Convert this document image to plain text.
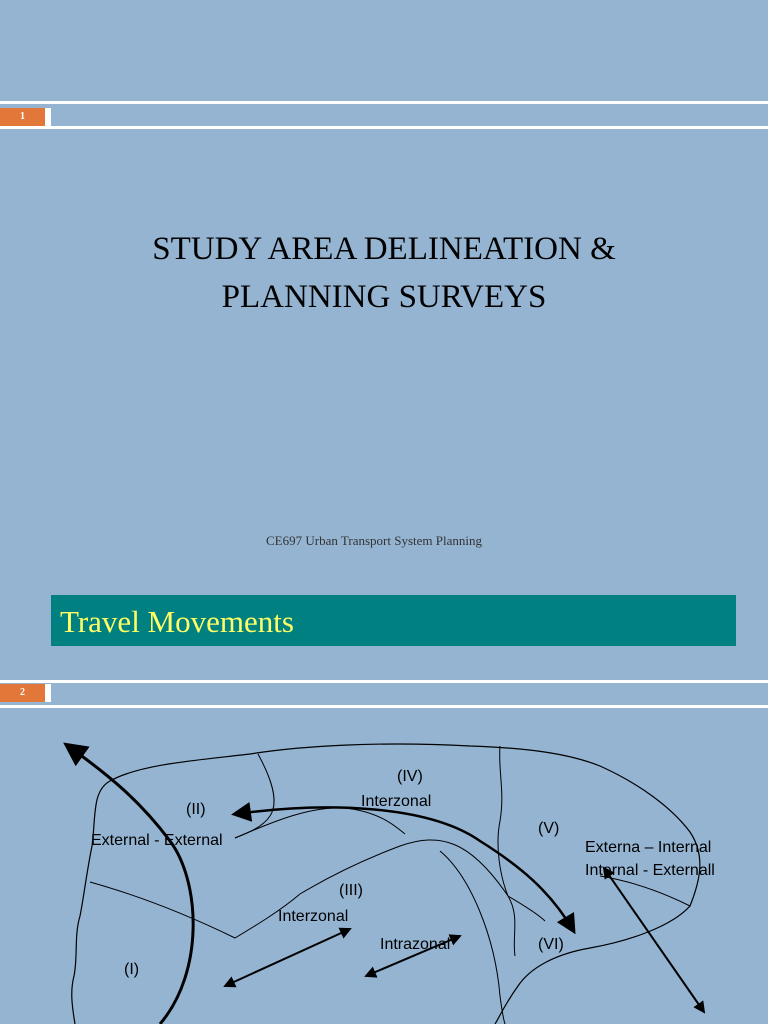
1
STUDY AREA DELINEATION &
PLANNING SURVEYS
CE697 Urban Transport System Planning
Travel Movements
2
(IV)
Interzonal
(II)
External - External
(V)
Externa – Internal
Internal - Externall
(III)
Interzonal
Intrazonal	(VI)
(I)
